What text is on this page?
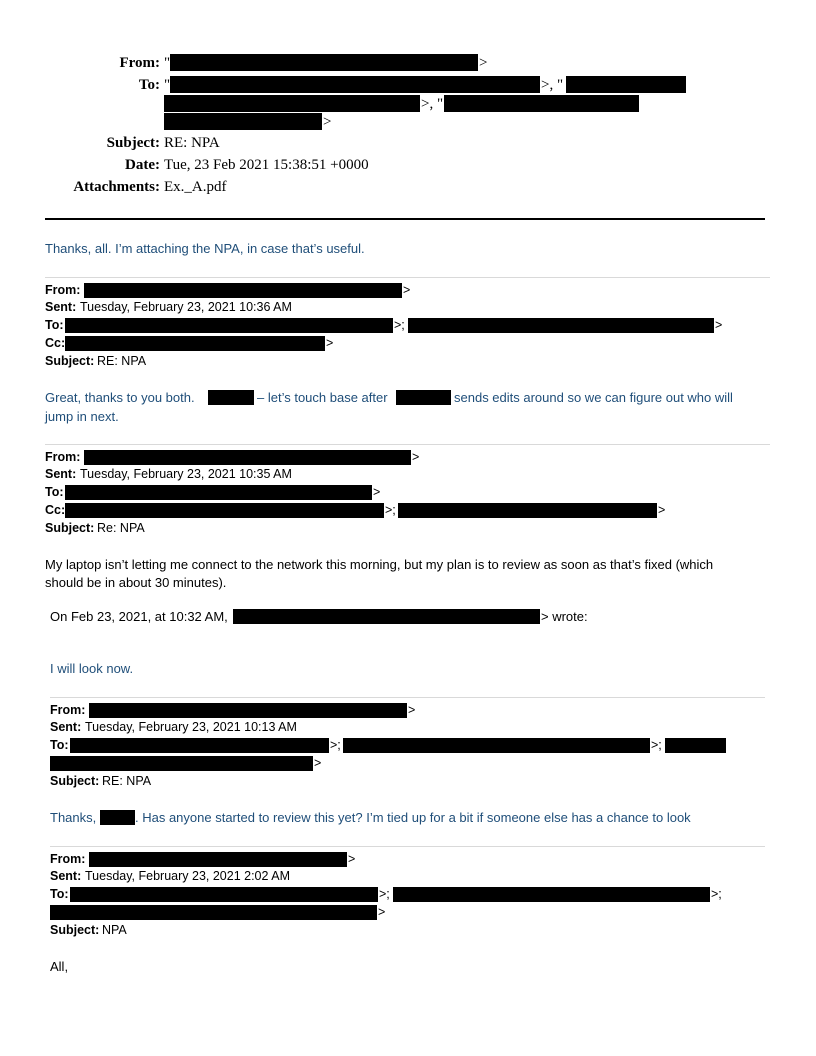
From: "	>
To: "	>, "
>, "
>
Subject: RE: NPA
Date: Tue, 23 Feb 2021 15:38:51 +0000
Attachments: Ex._A.pdf
Thanks, all. I’m attaching the NPA, in case that’s useful.
From:	>
Sent: Tuesday, February 23, 2021 10:36 AM
To:	>;	>
Cc:	>
Subject: RE: NPA
Great, thanks to you both.	– let’s touch base after	sends edits around so we can figure out who will
jump in next.
From:	>
Sent: Tuesday, February 23, 2021 10:35 AM
To:	>
Cc:	>;	>
Subject: Re: NPA
My laptop isn’t letting me connect to the network this morning, but my plan is to review as soon as that’s fixed (which
should be in about 30 minutes).
On Feb 23, 2021, at 10:32 AM,	> wrote:
I will look now.
From:	>
Sent: Tuesday, February 23, 2021 10:13 AM
To:	>;	>;
>
Subject: RE: NPA
Thanks,	. Has anyone started to review this yet? I’m tied up for a bit if someone else has a chance to look
From:	>
Sent: Tuesday, February 23, 2021 2:02 AM
To:	>;	>;
>
Subject: NPA
All,
